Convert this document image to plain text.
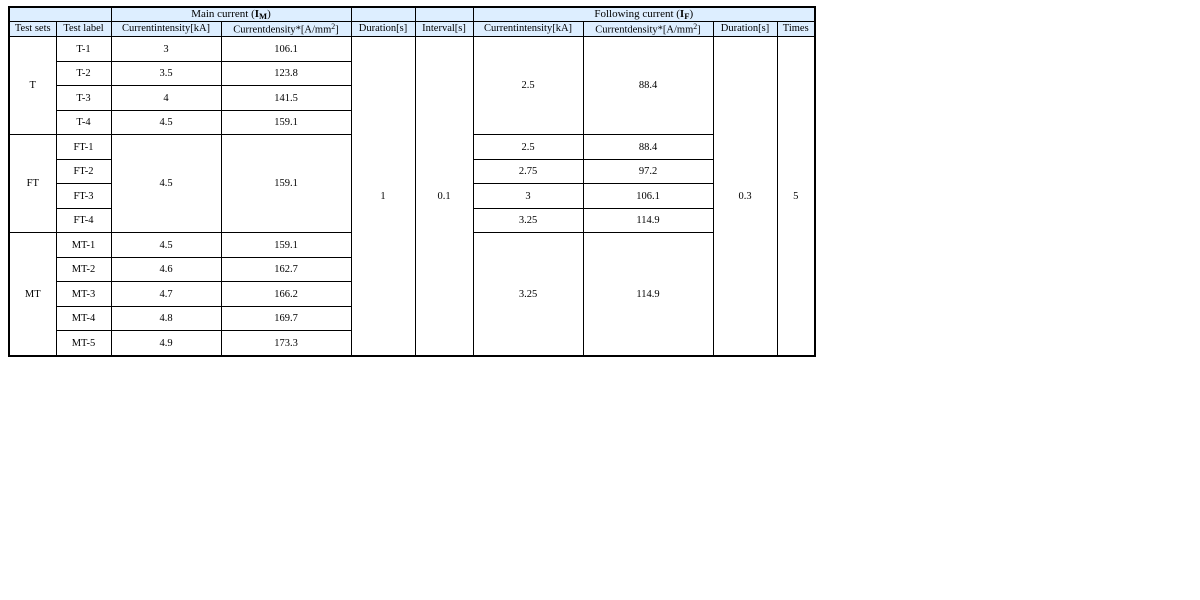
		Main current $(I_M)$				Following current $(I_F)$			
Test sets	Test label	Currentintensity[kA]	$Currentdensity*[A/mm^2]$	Duration[s]	Interval[s]	Currentintensity[kA]	$Currentdensity*[A/mm^2]$	Duration[s]	Times
T	T-1	3	106.1	1	0.1	2.5	88.4	0.3	5
	T-2	3.5	123.8						
	T-3	4	141.5						
	T-4	4.5	159.1						
FT	FT-1	4.5	159.1			2.5	88.4		
	FT-2					2.75	97.2		
	FT-3					3	106.1		
	FT-4					3.25	114.9		
MT	MT-1	4.5	159.1			3.25	114.9		
	MT-2	4.6	162.7						
	MT-3	4.7	166.2						
	MT-4	4.8	169.7						
	MT-5	4.9	173.3						
